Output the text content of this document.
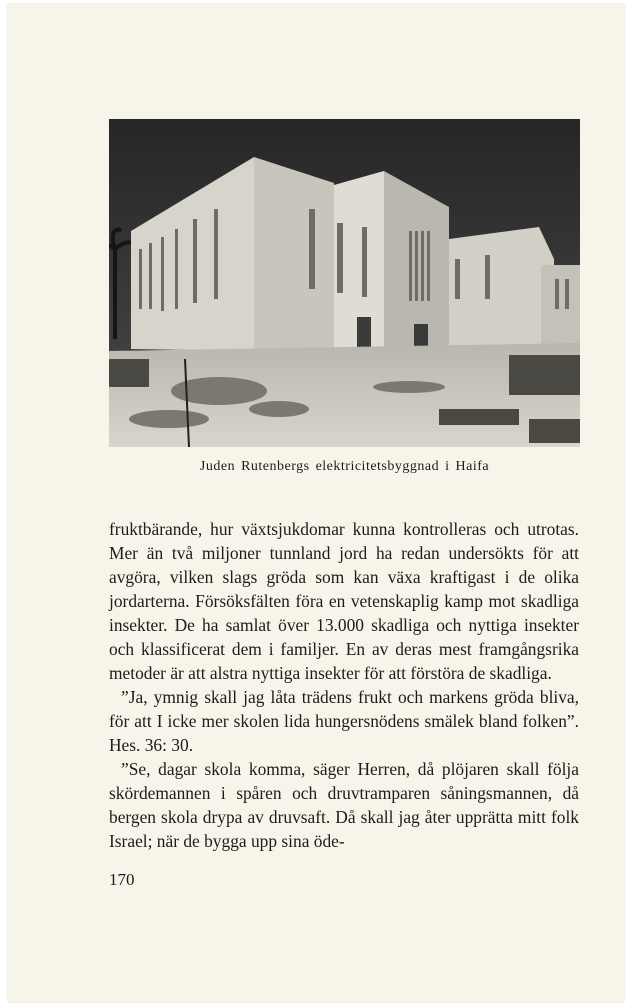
Juden Rutenbergs elektricitetsbyggnad i Haifa

fruktbärande, hur växtsjukdomar kunna kontrolleras och utrotas. Mer än två miljoner tunnland jord ha redan undersökts för att avgöra, vilken slags gröda som kan växa kraftigast i de olika jordarterna. Försöksfälten föra en vetenskaplig kamp mot skadliga insekter. De ha samlat över 13.000 skadliga och nyttiga insekter och klassificerat dem i familjer. En av deras mest framgångsrika metoder är att alstra nyttiga insekter för att förstöra de skadliga.

”Ja, ymnig skall jag låta trädens frukt och markens gröda bliva, för att I icke mer skolen lida hungersnödens smälek bland folken”. Hes. 36: 30.

”Se, dagar skola komma, säger Herren, då plöjaren skall följa skördemannen i spåren och druvtramparen såningsmannen, då bergen skola drypa av druvsaft. Då skall jag åter upprätta mitt folk Israel; när de bygga upp sina öde-

170
